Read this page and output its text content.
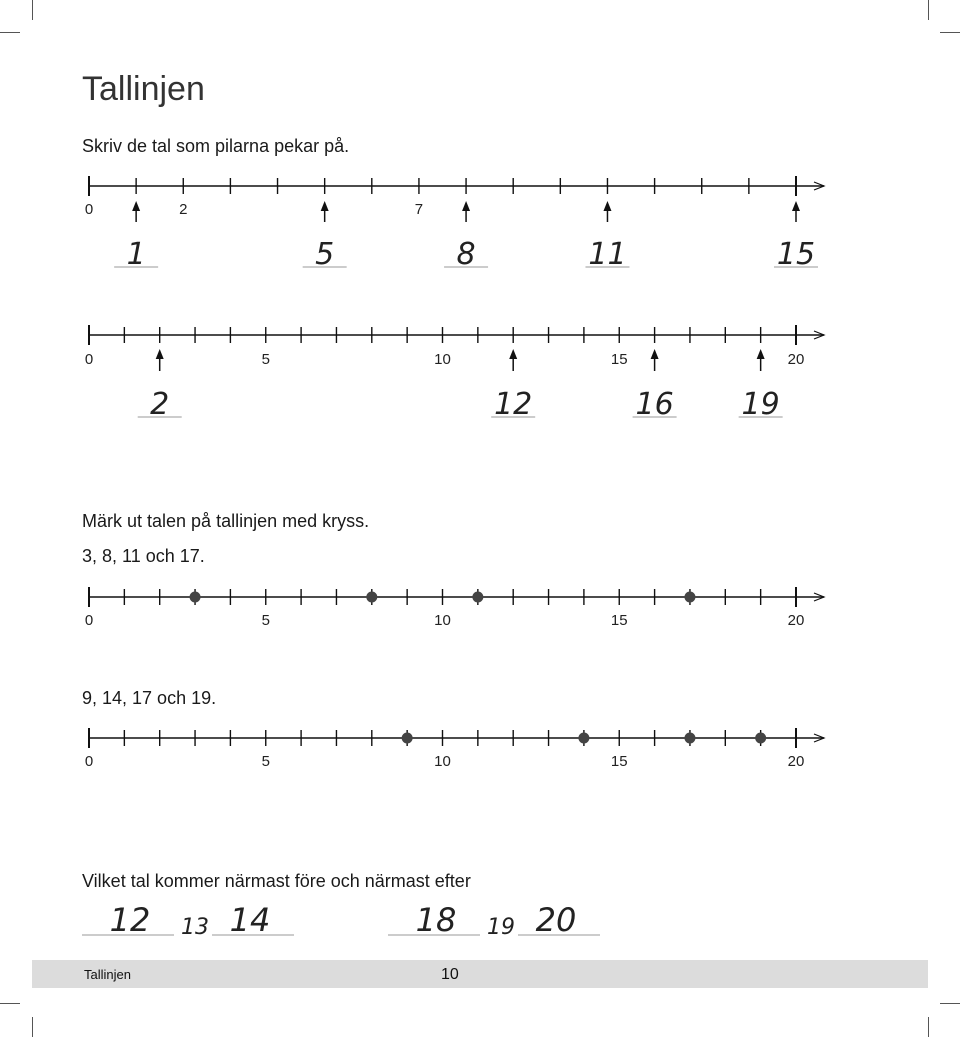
Tallinjen
Skriv de tal som pilarna pekar på.
Märk ut talen på tallinjen med kryss.
3, 8, 11 och 17.
9, 14, 17 och 19.
Vilket tal kommer närmast före och närmast efter
0	2	7
1	5	8	11	15
0	5	10	15	20
2	12	16 19
0	5	10	15	20
0	5	10	15	20
12 13 14	18 19 20
Tallinjen	10
